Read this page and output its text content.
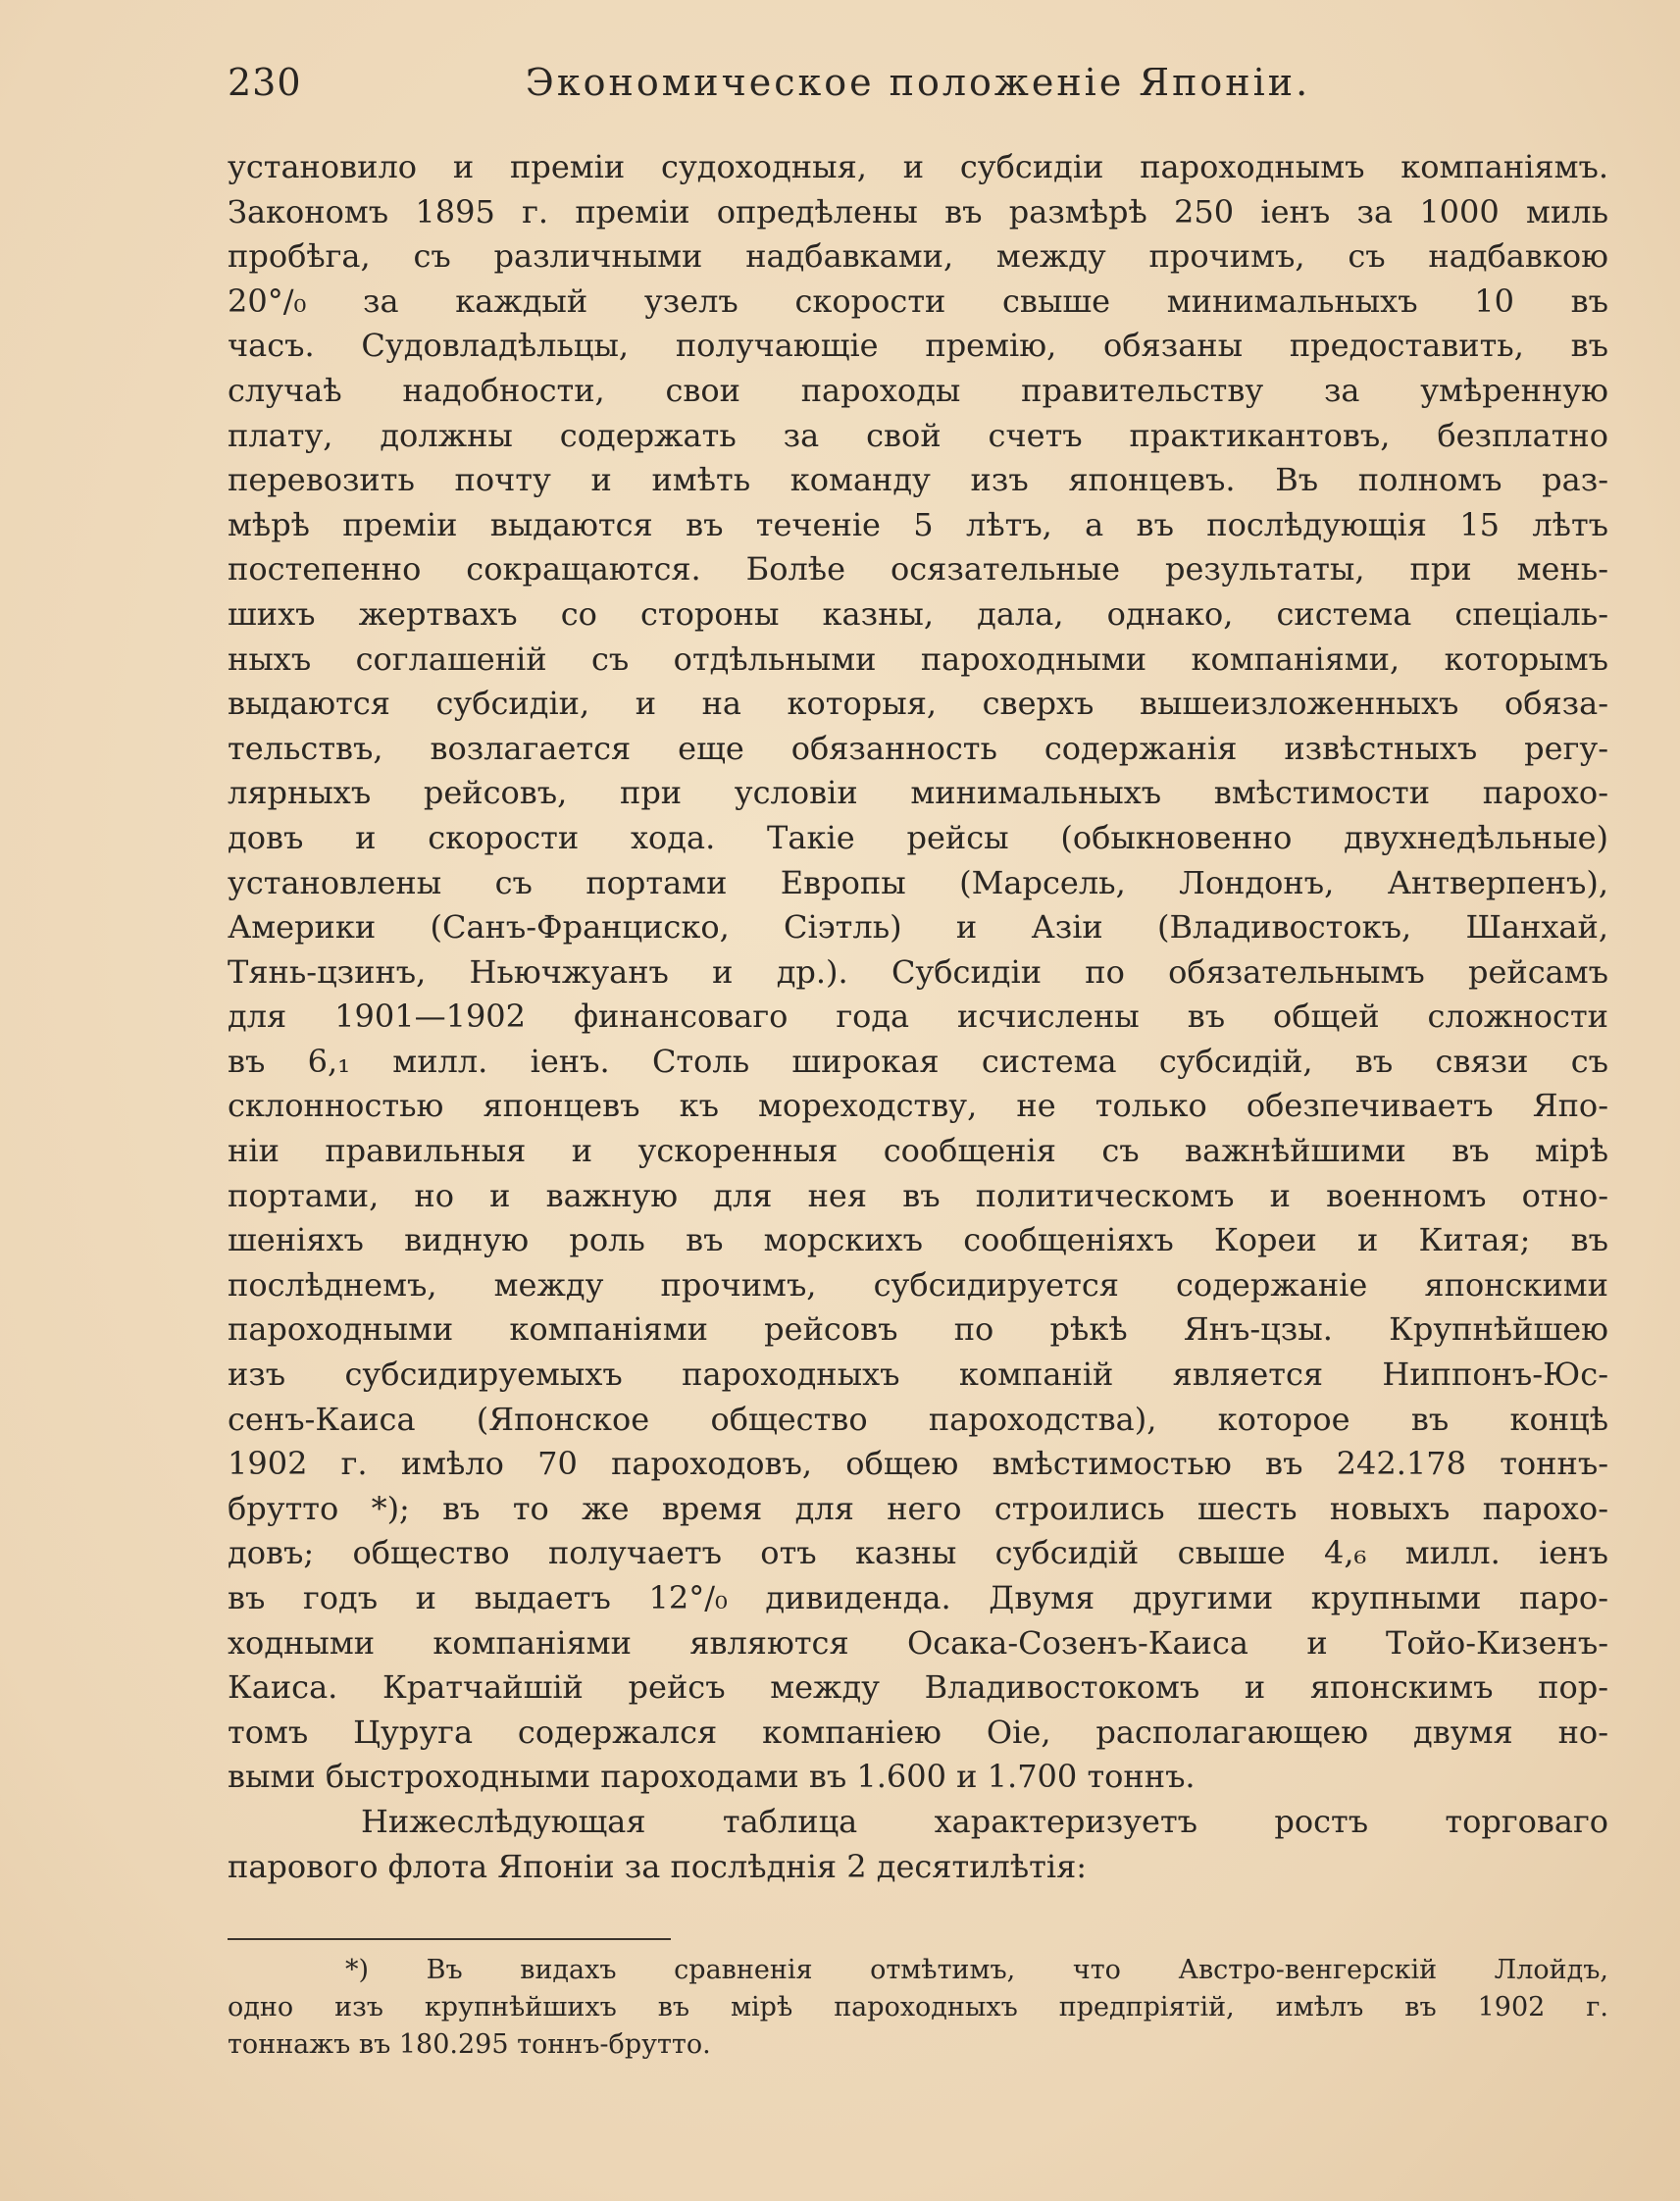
230	Экономическое положеніе Японіи.
установило и преміи судоходныя, и субсидіи пароходнымъ компаніямъ.
Закономъ 1895 г. преміи опредѣлены въ размѣрѣ 250 іенъ за 1000 миль
пробѣга, съ различными надбавками, между прочимъ, съ надбавкою
20°/₀ за каждый узелъ скорости свыше минимальныхъ 10 въ
часъ. Судовладѣльцы, получающіе премію, обязаны предоставить, въ
случаѣ надобности, свои пароходы правительству за умѣренную
плату, должны содержать за свой счетъ практикантовъ, безплатно
перевозить почту и имѣть команду изъ японцевъ. Въ полномъ раз-
мѣрѣ преміи выдаются въ теченіе 5 лѣтъ, а въ послѣдующія 15 лѣтъ
постепенно сокращаются. Болѣе осязательные результаты, при мень-
шихъ жертвахъ со стороны казны, дала, однако, система спеціаль-
ныхъ соглашеній съ отдѣльными пароходными компаніями, которымъ
выдаются субсидіи, и на которыя, сверхъ вышеизложенныхъ обяза-
тельствъ, возлагается еще обязанность содержанія извѣстныхъ регу-
лярныхъ рейсовъ, при условіи минимальныхъ вмѣстимости парохо-
довъ и скорости хода. Такіе рейсы (обыкновенно двухнедѣльные)
установлены съ портами Европы (Марсель, Лондонъ, Антверпенъ),
Америки (Санъ-Франциско, Сіэтль) и Азіи (Владивостокъ, Шанхай,
Тянь-цзинъ, Ньючжуанъ и др.). Субсидіи по обязательнымъ рейсамъ
для 1901—1902 финансоваго года исчислены въ общей сложности
въ 6,₁ милл. іенъ. Столь широкая система субсидій, въ связи съ
склонностью японцевъ къ мореходству, не только обезпечиваетъ Япо-
ніи правильныя и ускоренныя сообщенія съ важнѣйшими въ мірѣ
портами, но и важную для нея въ политическомъ и военномъ отно-
шеніяхъ видную роль въ морскихъ сообщеніяхъ Кореи и Китая; въ
послѣднемъ, между прочимъ, субсидируется содержаніе японскими
пароходными компаніями рейсовъ по рѣкѣ Янъ-цзы. Крупнѣйшею
изъ субсидируемыхъ пароходныхъ компаній является Ниппонъ-Юс-
сенъ-Каиса (Японское общество пароходства), которое въ концѣ
1902 г. имѣло 70 пароходовъ, общею вмѣстимостью въ 242.178 тоннъ-
брутто *); въ то же время для него строились шесть новыхъ парохо-
довъ; общество получаетъ отъ казны субсидій свыше 4,₆ милл. іенъ
въ годъ и выдаетъ 12°/₀ дивиденда. Двумя другими крупными паро-
ходными компаніями являются Осака-Созенъ-Каиса и Тойо-Кизенъ-
Каиса. Кратчайшій рейсъ между Владивостокомъ и японскимъ пор-
томъ Цуруга содержался компаніею Оіе, располагающею двумя но-
выми быстроходными пароходами въ 1.600 и 1.700 тоннъ.
Нижеслѣдующая таблица характеризуетъ ростъ торговаго
парового флота Японіи за послѣднія 2 десятилѣтія:
*) Въ видахъ сравненія отмѣтимъ, что Австро-венгерскій Ллойдъ,
одно изъ крупнѣйшихъ въ мірѣ пароходныхъ предпріятій, имѣлъ въ 1902 г.
тоннажъ въ 180.295 тоннъ-брутто.
